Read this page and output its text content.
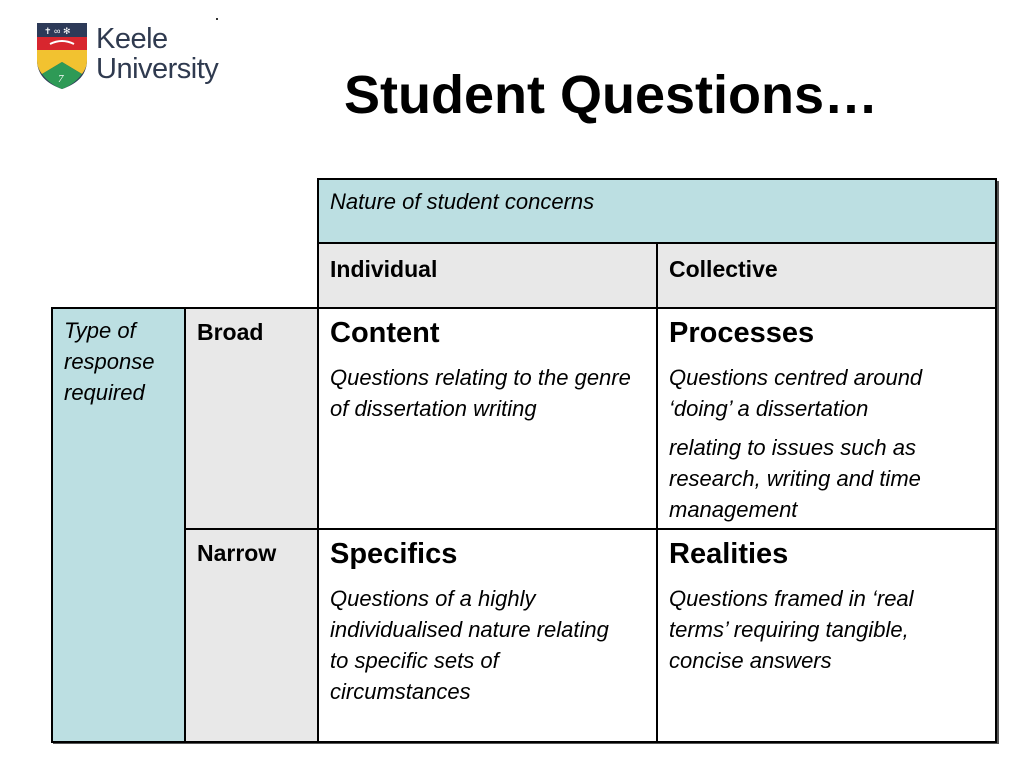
✝ ∞ ✻
7
Keele
University Student Questions…
Nature of student concerns
Individual	Collective
Type of response required
Broad
Narrow
Content
Questions relating to the genre of dissertation writing
Processes
Questions centred around ‘doing’ a dissertation
relating to issues such as research, writing and time management
Specifics
Questions of a highly individualised nature relating to specific sets of circumstances
Realities
Questions framed in ‘real terms’ requiring tangible, concise answers
